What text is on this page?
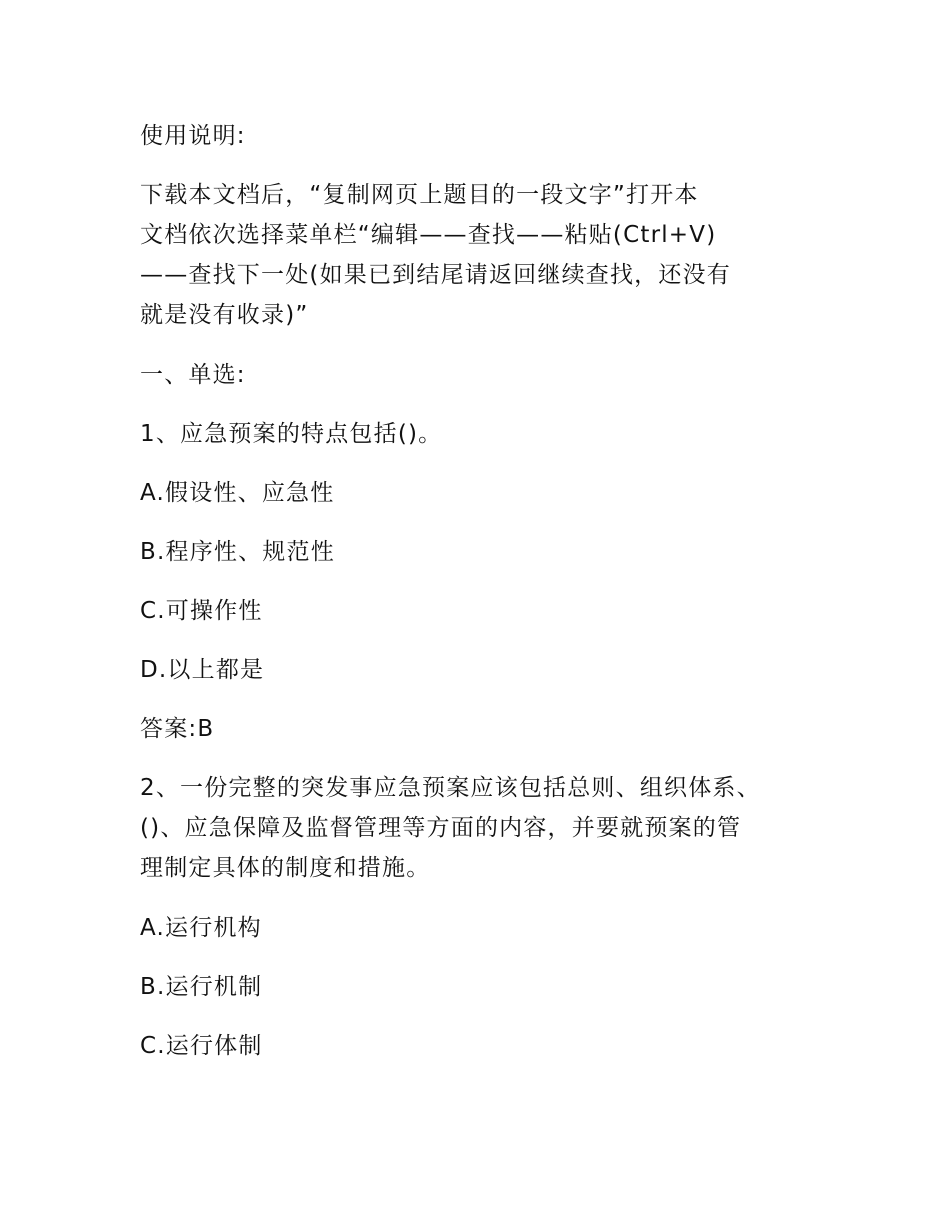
使用说明:

下载本文档后，“复制网页上题目的一段文字”打开本
文档依次选择菜单栏“编辑——查找——粘贴(Ctrl+V)
——查找下一处(如果已到结尾请返回继续查找，还没有
就是没有收录)”

一、单选:

1、应急预案的特点包括()。

A.假设性、应急性

B.程序性、规范性

C.可操作性

D.以上都是

答案:B

2、一份完整的突发事应急预案应该包括总则、组织体系、
()、应急保障及监督管理等方面的内容，并要就预案的管
理制定具体的制度和措施。

A.运行机构

B.运行机制

C.运行体制
